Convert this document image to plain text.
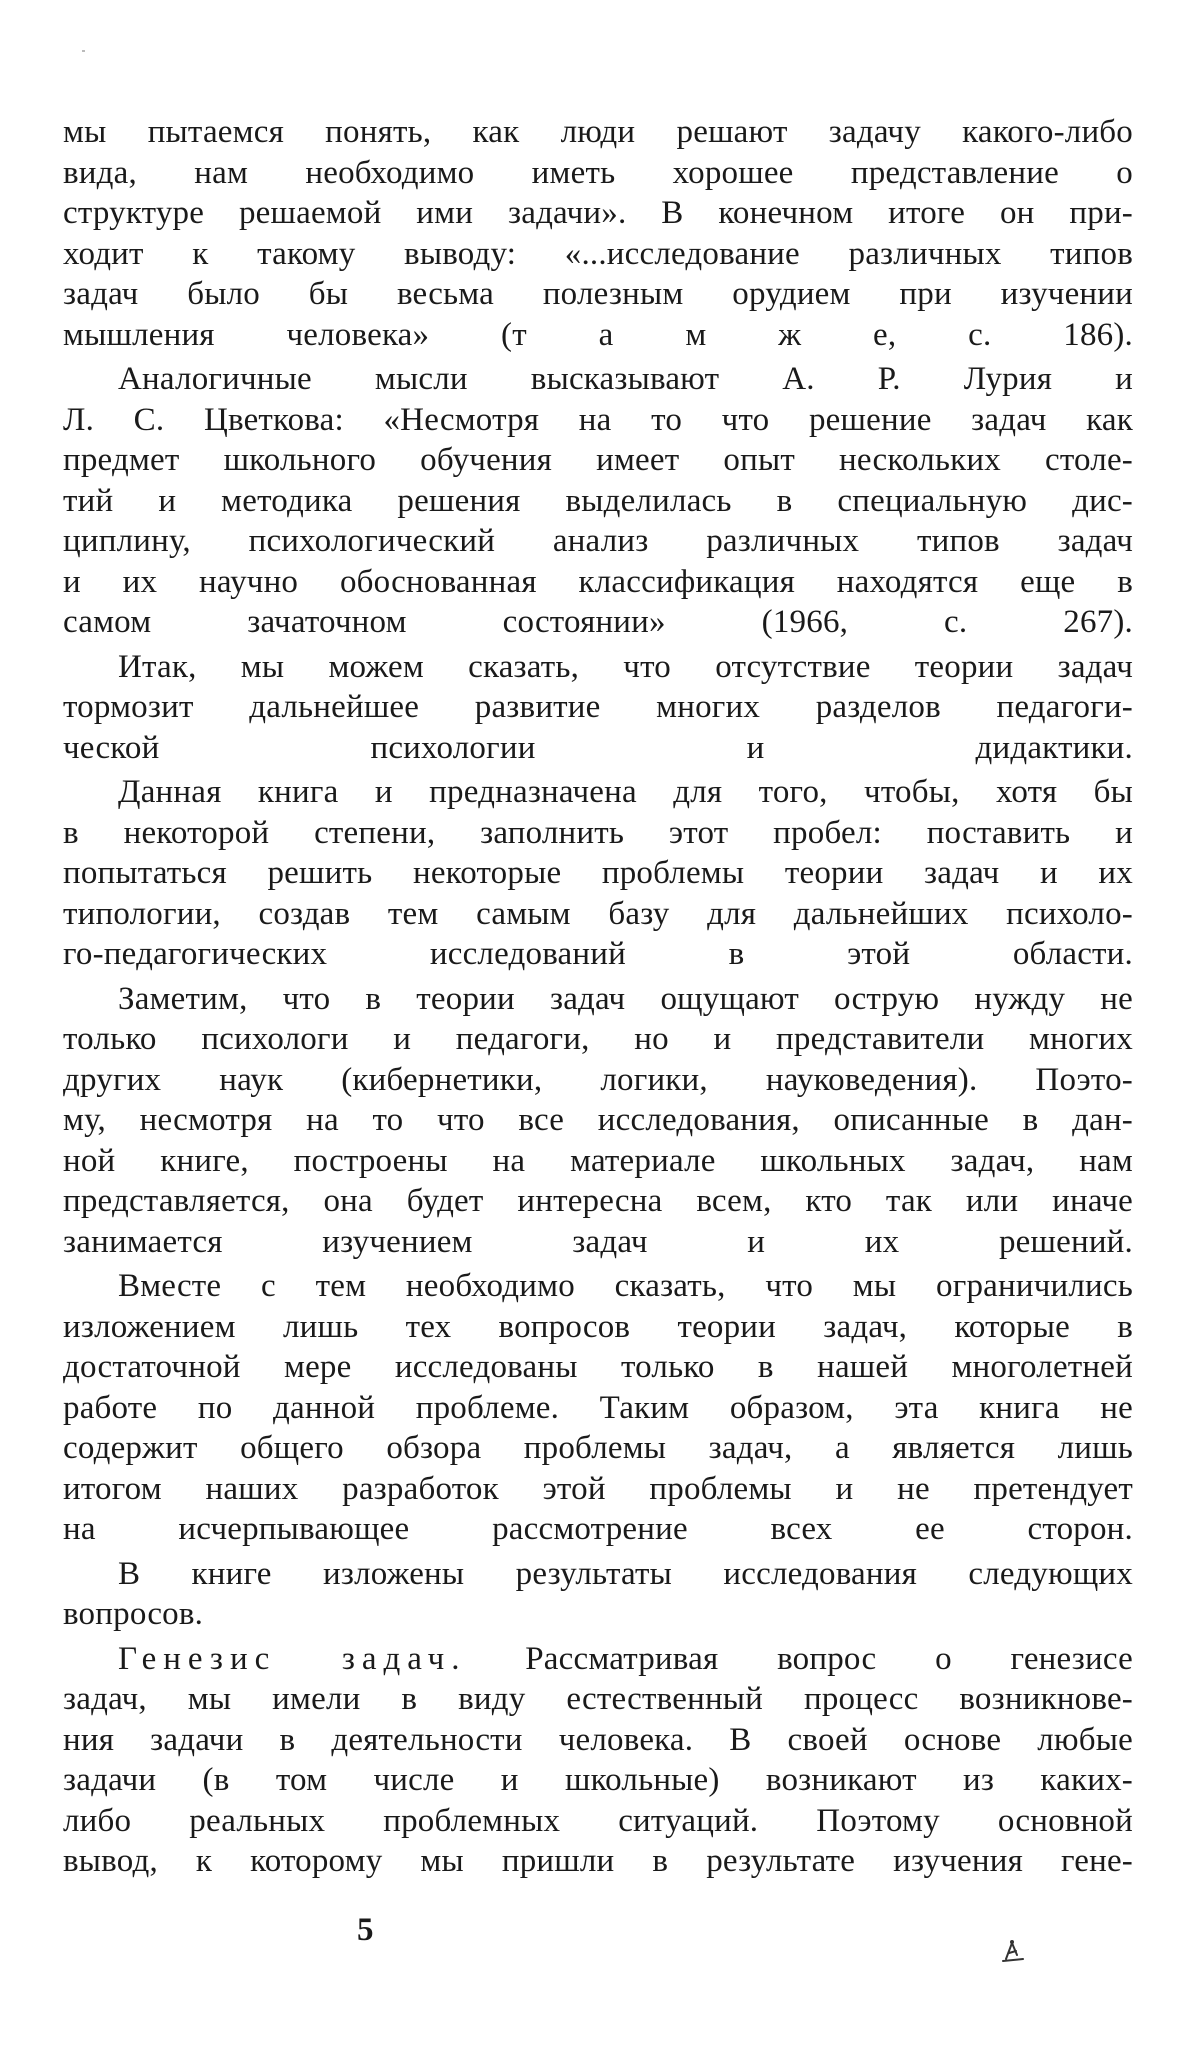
мы пытаемся понять, как люди решают задачу какого-либо
вида, нам необходимо иметь хорошее представление о
структуре решаемой ими задачи». В конечном итоге он при-
ходит к такому выводу: «...исследование различных типов
задач было бы весьма полезным орудием при изучении
мышления человека» (т а м ж е, с. 186).

Аналогичные мысли высказывают А. Р. Лурия и
Л. С. Цветкова: «Несмотря на то что решение задач как
предмет школьного обучения имеет опыт нескольких столе-
тий и методика решения выделилась в специальную дис-
циплину, психологический анализ различных типов задач
и их научно обоснованная классификация находятся еще в
самом зачаточном состоянии» (1966, с. 267).

Итак, мы можем сказать, что отсутствие теории задач
тормозит дальнейшее развитие многих разделов педагоги-
ческой психологии и дидактики.

Данная книга и предназначена для того, чтобы, хотя бы
в некоторой степени, заполнить этот пробел: поставить и
попытаться решить некоторые проблемы теории задач и их
типологии, создав тем самым базу для дальнейших психоло-
го-педагогических исследований в этой области.

Заметим, что в теории задач ощущают острую нужду не
только психологи и педагоги, но и представители многих
других наук (кибернетики, логики, науковедения). Поэто-
му, несмотря на то что все исследования, описанные в дан-
ной книге, построены на материале школьных задач, нам
представляется, она будет интересна всем, кто так или иначе
занимается изучением задач и их решений.

Вместе с тем необходимо сказать, что мы ограничились
изложением лишь тех вопросов теории задач, которые в
достаточной мере исследованы только в нашей многолетней
работе по данной проблеме. Таким образом, эта книга не
содержит общего обзора проблемы задач, а является лишь
итогом наших разработок этой проблемы и не претендует
на исчерпывающее рассмотрение всех ее сторон.

В книге изложены результаты исследования следующих
вопросов.

Генезис задач. Рассматривая вопрос о генезисе
задач, мы имели в виду естественный процесс возникнове-
ния задачи в деятельности человека. В своей основе любые
задачи (в том числе и школьные) возникают из каких-
либо реальных проблемных ситуаций. Поэтому основной
вывод, к которому мы пришли в результате изучения гене-

5
